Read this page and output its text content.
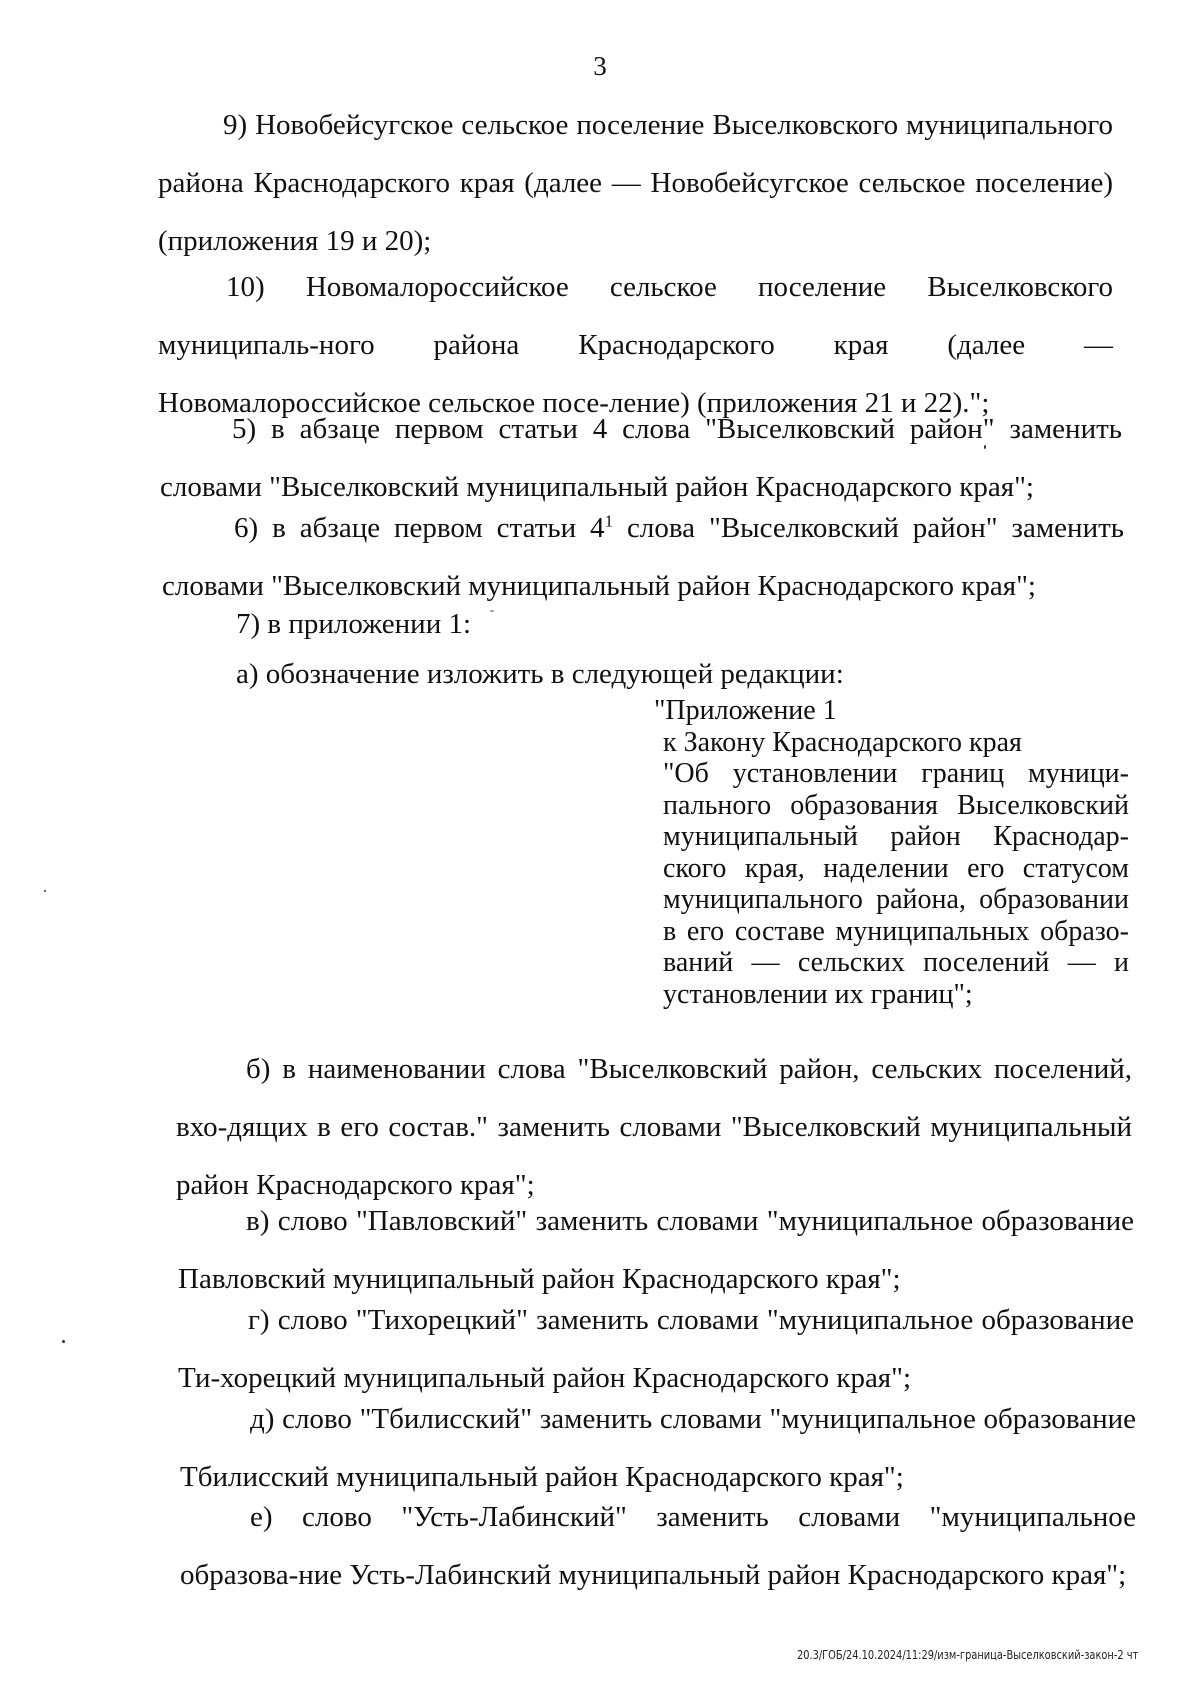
3
9) Новобейсугское сельское поселение Выселковского муниципального района Краснодарского края (далее — Новобейсугское сельское поселение) (приложения 19 и 20);
10) Новомалороссийское сельское поселение Выселковского муниципаль-ного района Краснодарского края (далее — Новомалороссийское сельское посе-ление) (приложения 21 и 22).";
5) в абзаце первом статьи 4 слова "Выселковский район" заменить словами "Выселковский муниципальный район Краснодарского края";
6) в абзаце первом статьи $4^1$ слова "Выселковский район" заменить словами "Выселковский муниципальный район Краснодарского края";
7) в приложении 1:
а) обозначение изложить в следующей редакции:
"Приложение 1
к Закону Краснодарского края
"Об установлении границ муници-пального образования Выселковский муниципальный район Краснодар-ского края, наделении его статусом муниципального района, образовании в его составе муниципальных образо-ваний — сельских поселений — и установлении их границ";
б) в наименовании слова "Выселковский район, сельских поселений, вхо-дящих в его состав." заменить словами "Выселковский муниципальный район Краснодарского края";
в) слово "Павловский" заменить словами "муниципальное образование Павловский муниципальный район Краснодарского края";
г) слово "Тихорецкий" заменить словами "муниципальное образование Ти-хорецкий муниципальный район Краснодарского края";
д) слово "Тбилисский" заменить словами "муниципальное образование Тбилисский муниципальный район Краснодарского края";
е) слово "Усть-Лабинский" заменить словами "муниципальное образова-ние Усть-Лабинский муниципальный район Краснодарского края";
20.3/ГОБ/24.10.2024/11:29/изм-граница-Выселковский-закон-2 чт
